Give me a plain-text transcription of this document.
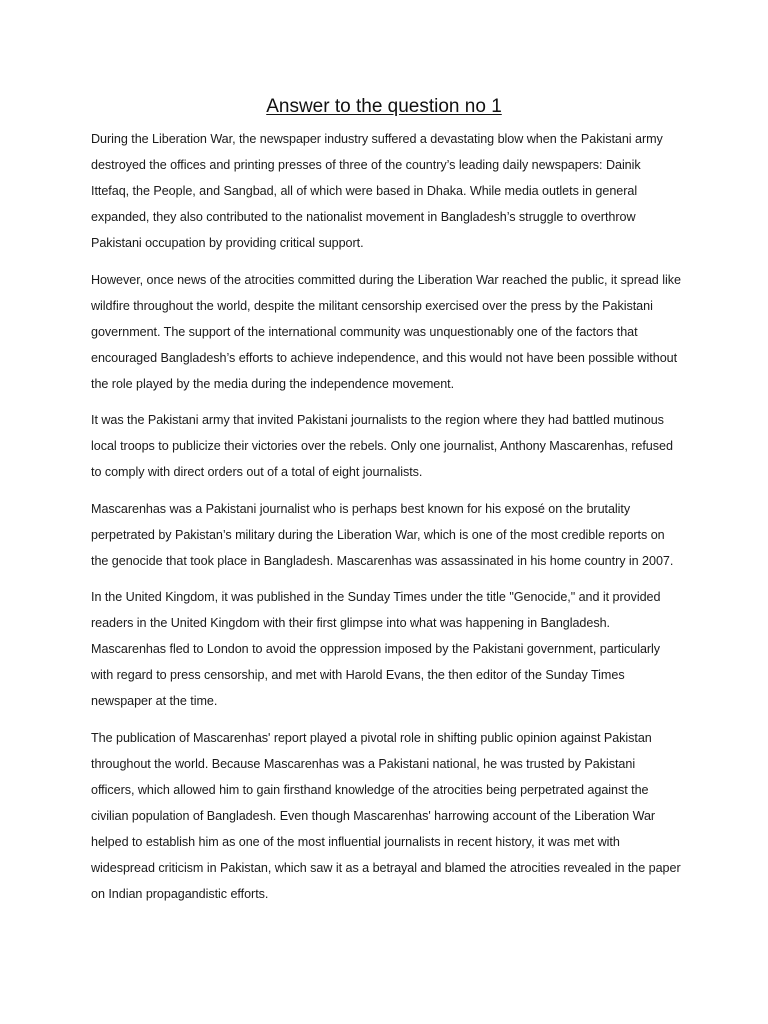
Answer to the question no 1

During the Liberation War, the newspaper industry suffered a devastating blow when the Pakistani army destroyed the offices and printing presses of three of the country’s leading daily newspapers: Dainik Ittefaq, the People, and Sangbad, all of which were based in Dhaka. While media outlets in general expanded, they also contributed to the nationalist movement in Bangladesh’s struggle to overthrow Pakistani occupation by providing critical support.

However, once news of the atrocities committed during the Liberation War reached the public, it spread like wildfire throughout the world, despite the militant censorship exercised over the press by the Pakistani government. The support of the international community was unquestionably one of the factors that encouraged Bangladesh’s efforts to achieve independence, and this would not have been possible without the role played by the media during the independence movement.

It was the Pakistani army that invited Pakistani journalists to the region where they had battled mutinous local troops to publicize their victories over the rebels. Only one journalist, Anthony Mascarenhas, refused to comply with direct orders out of a total of eight journalists.

Mascarenhas was a Pakistani journalist who is perhaps best known for his exposé on the brutality perpetrated by Pakistan’s military during the Liberation War, which is one of the most credible reports on the genocide that took place in Bangladesh. Mascarenhas was assassinated in his home country in 2007.

In the United Kingdom, it was published in the Sunday Times under the title "Genocide," and it provided readers in the United Kingdom with their first glimpse into what was happening in Bangladesh. Mascarenhas fled to London to avoid the oppression imposed by the Pakistani government, particularly with regard to press censorship, and met with Harold Evans, the then editor of the Sunday Times newspaper at the time.

The publication of Mascarenhas' report played a pivotal role in shifting public opinion against Pakistan throughout the world. Because Mascarenhas was a Pakistani national, he was trusted by Pakistani officers, which allowed him to gain firsthand knowledge of the atrocities being perpetrated against the civilian population of Bangladesh. Even though Mascarenhas' harrowing account of the Liberation War helped to establish him as one of the most influential journalists in recent history, it was met with widespread criticism in Pakistan, which saw it as a betrayal and blamed the atrocities revealed in the paper on Indian propagandistic efforts.
